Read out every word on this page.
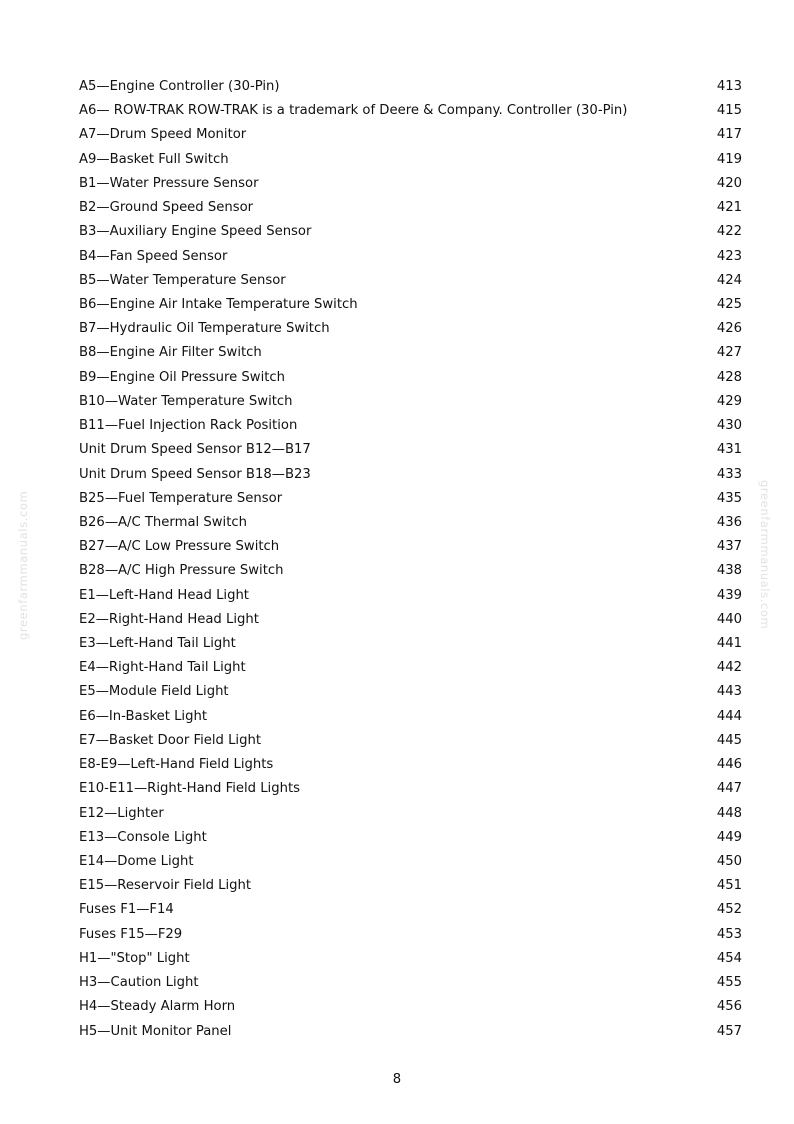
A5—Engine Controller (30-Pin)	413
A6— ROW-TRAK ROW-TRAK is a trademark of Deere & Company. Controller (30-Pin)	415
A7—Drum Speed Monitor	417
A9—Basket Full Switch	419
B1—Water Pressure Sensor	420
B2—Ground Speed Sensor	421
B3—Auxiliary Engine Speed Sensor	422
B4—Fan Speed Sensor	423
B5—Water Temperature Sensor	424
B6—Engine Air Intake Temperature Switch	425
B7—Hydraulic Oil Temperature Switch	426
B8—Engine Air Filter Switch	427
B9—Engine Oil Pressure Switch	428
B10—Water Temperature Switch	429
B11—Fuel Injection Rack Position	430
Unit Drum Speed Sensor B12—B17	431
Unit Drum Speed Sensor B18—B23	433
B25—Fuel Temperature Sensor	435
B26—A/C Thermal Switch	436
B27—A/C Low Pressure Switch	437
B28—A/C High Pressure Switch	438
E1—Left-Hand Head Light	439
E2—Right-Hand Head Light	440
E3—Left-Hand Tail Light	441
E4—Right-Hand Tail Light	442
E5—Module Field Light	443
E6—In-Basket Light	444
E7—Basket Door Field Light	445
E8-E9—Left-Hand Field Lights	446
E10-E11—Right-Hand Field Lights	447
E12—Lighter	448
E13—Console Light	449
E14—Dome Light	450
E15—Reservoir Field Light	451
Fuses F1—F14	452
Fuses F15—F29	453
H1—"Stop" Light	454
H3—Caution Light	455
H4—Steady Alarm Horn	456
H5—Unit Monitor Panel	457
8
greenfarmmanuals.com	greenfarmmanuals.com
